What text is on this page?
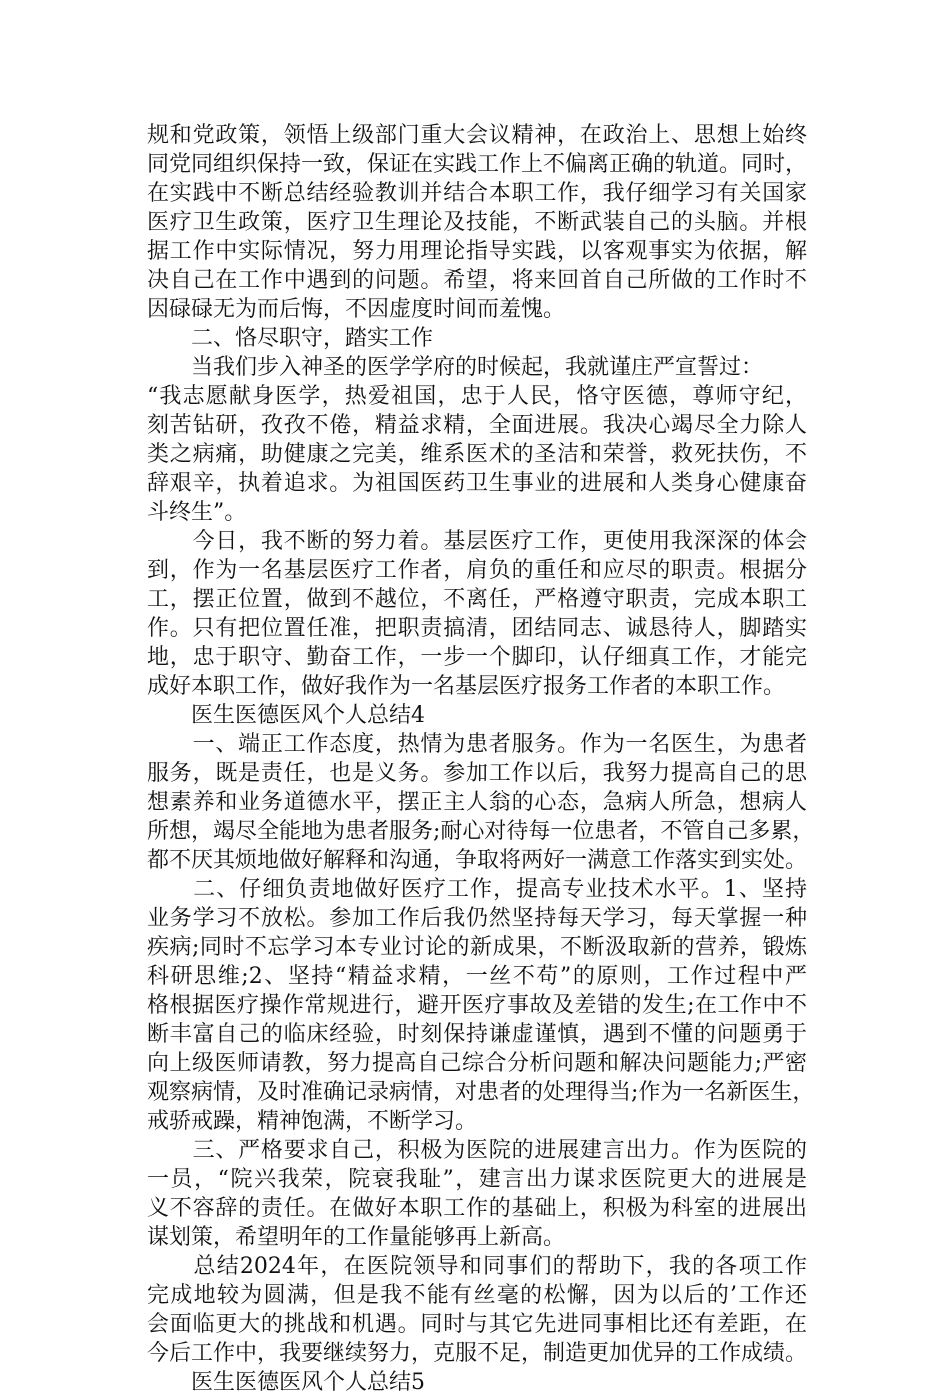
规和党政策，领悟上级部门重大会议精神，在政治上、思想上始终
同党同组织保持一致，保证在实践工作上不偏离正确的轨道。同时，
在实践中不断总结经验教训并结合本职工作，我仔细学习有关国家
医疗卫生政策，医疗卫生理论及技能，不断武装自己的头脑。并根
据工作中实际情况，努力用理论指导实践，以客观事实为依据，解
决自己在工作中遇到的问题。希望，将来回首自己所做的工作时不
因碌碌无为而后悔，不因虚度时间而羞愧。
　　二、恪尽职守，踏实工作
　　当我们步入神圣的医学学府的时候起，我就谨庄严宣誓过：
“我志愿献身医学，热爱祖国，忠于人民，恪守医德，尊师守纪，
刻苦钻研，孜孜不倦，精益求精，全面进展。我决心竭尽全力除人
类之病痛，助健康之完美，维系医术的圣洁和荣誉，救死扶伤，不
辞艰辛，执着追求。为祖国医药卫生事业的进展和人类身心健康奋
斗终生”。
　　今日，我不断的努力着。基层医疗工作，更使用我深深的体会
到，作为一名基层医疗工作者，肩负的重任和应尽的职责。根据分
工，摆正位置，做到不越位，不离任，严格遵守职责，完成本职工
作。只有把位置任准，把职责搞清，团结同志、诚恳待人，脚踏实
地，忠于职守、勤奋工作，一步一个脚印，认仔细真工作，才能完
成好本职工作，做好我作为一名基层医疗报务工作者的本职工作。
　　医生医德医风个人总结4
　　一、端正工作态度，热情为患者服务。作为一名医生，为患者
服务，既是责任，也是义务。参加工作以后，我努力提高自己的思
想素养和业务道德水平，摆正主人翁的心态，急病人所急，想病人
所想，竭尽全能地为患者服务;耐心对待每一位患者，不管自己多累，
都不厌其烦地做好解释和沟通，争取将两好一满意工作落实到实处。
　　二、仔细负责地做好医疗工作，提高专业技术水平。1、坚持
业务学习不放松。参加工作后我仍然坚持每天学习，每天掌握一种
疾病;同时不忘学习本专业讨论的新成果，不断汲取新的营养，锻炼
科研思维;2、坚持“精益求精，一丝不苟”的原则，工作过程中严
格根据医疗操作常规进行，避开医疗事故及差错的发生;在工作中不
断丰富自己的临床经验，时刻保持谦虚谨慎，遇到不懂的问题勇于
向上级医师请教，努力提高自己综合分析问题和解决问题能力;严密
观察病情，及时准确记录病情，对患者的处理得当;作为一名新医生，
戒骄戒躁，精神饱满，不断学习。
　　三、严格要求自己，积极为医院的进展建言出力。作为医院的
一员，“院兴我荣，院衰我耻”，建言出力谋求医院更大的进展是
义不容辞的责任。在做好本职工作的基础上，积极为科室的进展出
谋划策，希望明年的工作量能够再上新高。
　　总结2024年，在医院领导和同事们的帮助下，我的各项工作
完成地较为圆满，但是我不能有丝毫的松懈，因为以后的’工作还
会面临更大的挑战和机遇。同时与其它先进同事相比还有差距，在
今后工作中，我要继续努力，克服不足，制造更加优异的工作成绩。
　　医生医德医风个人总结5
